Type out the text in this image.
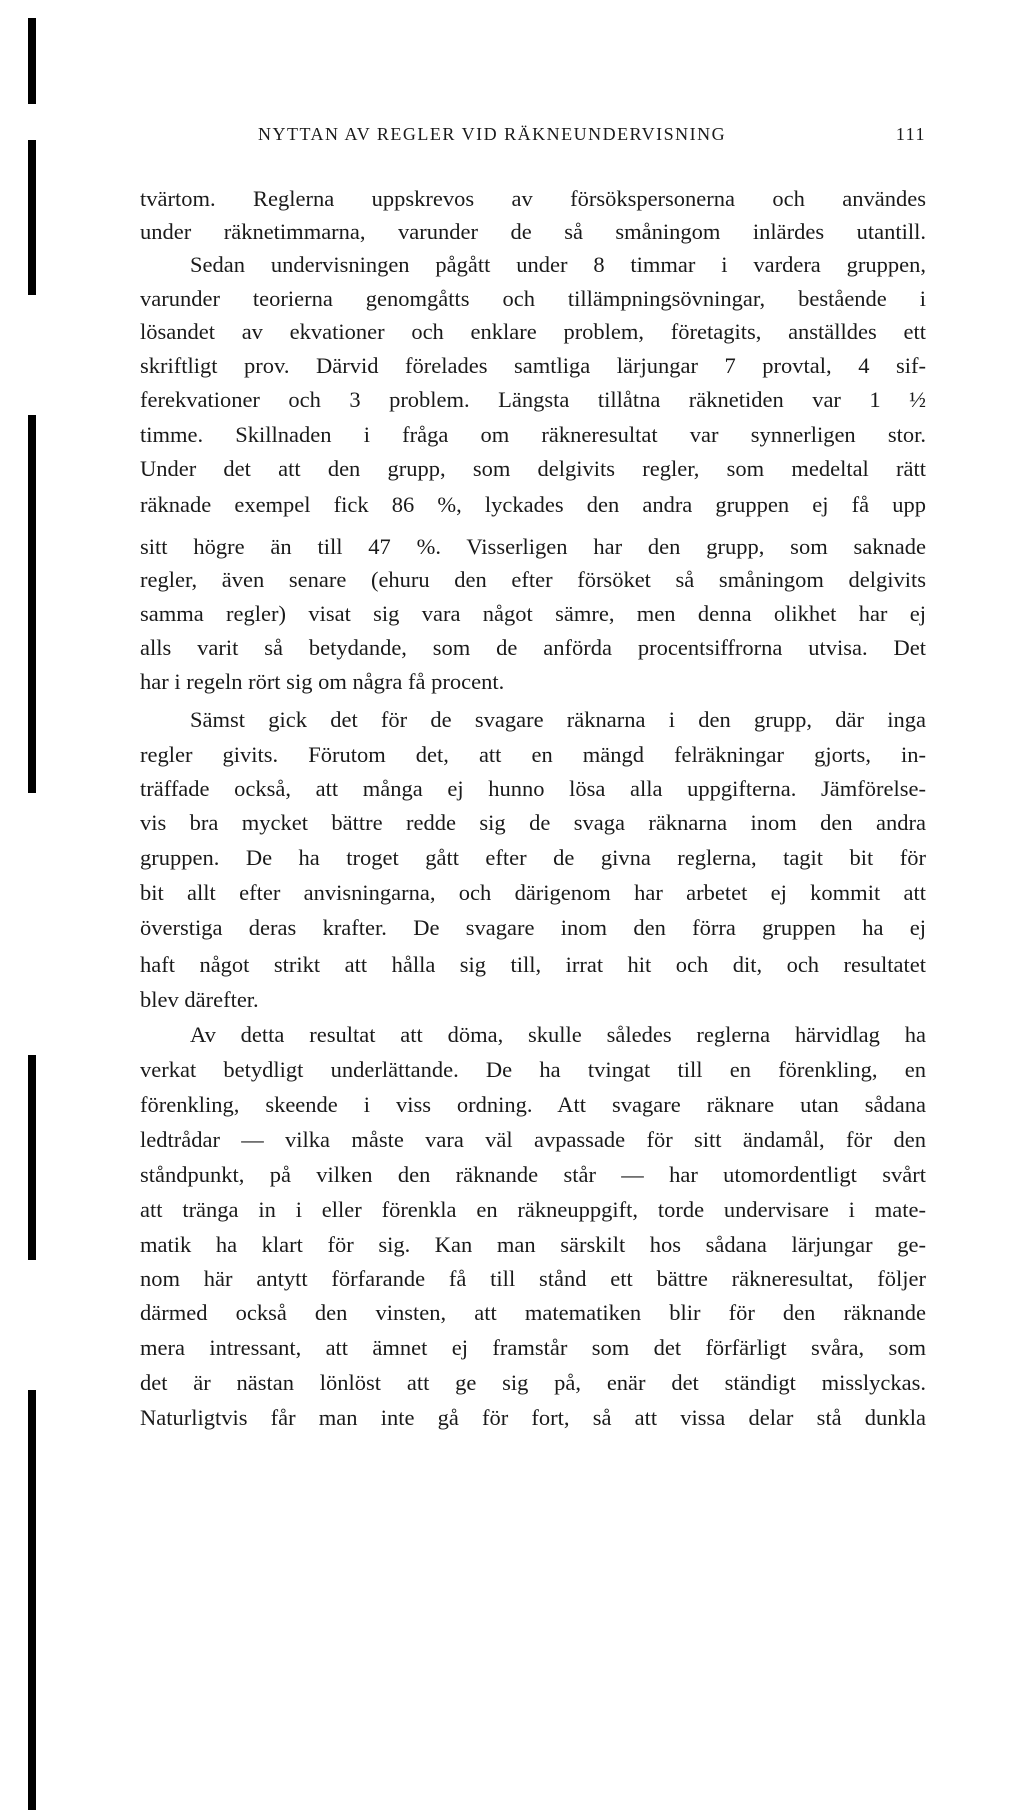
NYTTAN AV REGLER VID RÄKNEUNDERVISNING	111
tvärtom. Reglerna uppskrevos av försökspersonerna och användes
under räknetimmarna, varunder de så småningom inlärdes utantill.
Sedan undervisningen pågått under 8 timmar i vardera gruppen,
varunder teorierna genomgåtts och tillämpningsövningar, bestående i
lösandet av ekvationer och enklare problem, företagits, anställdes ett
skriftligt prov. Därvid förelades samtliga lärjungar 7 provtal, 4 sif-
ferekvationer och 3 problem. Längsta tillåtna räknetiden var 1 ½
timme. Skillnaden i fråga om räkneresultat var synnerligen stor.
Under det att den grupp, som delgivits regler, som medeltal rätt
räknade exempel fick 86 %, lyckades den andra gruppen ej få upp
sitt högre än till 47 %. Visserligen har den grupp, som saknade
regler, även senare (ehuru den efter försöket så småningom delgivits
samma regler) visat sig vara något sämre, men denna olikhet har ej
alls varit så betydande, som de anförda procentsiffrorna utvisa. Det
har i regeln rört sig om några få procent.
Sämst gick det för de svagare räknarna i den grupp, där inga
regler givits. Förutom det, att en mängd felräkningar gjorts, in-
träffade också, att många ej hunno lösa alla uppgifterna. Jämförelse-
vis bra mycket bättre redde sig de svaga räknarna inom den andra
gruppen. De ha troget gått efter de givna reglerna, tagit bit för
bit allt efter anvisningarna, och därigenom har arbetet ej kommit att
överstiga deras krafter. De svagare inom den förra gruppen ha ej
haft något strikt att hålla sig till, irrat hit och dit, och resultatet
blev därefter.
Av detta resultat att döma, skulle således reglerna härvidlag ha
verkat betydligt underlättande. De ha tvingat till en förenkling, en
förenkling, skeende i viss ordning. Att svagare räknare utan sådana
ledtrådar — vilka måste vara väl avpassade för sitt ändamål, för den
ståndpunkt, på vilken den räknande står — har utomordentligt svårt
att tränga in i eller förenkla en räkneuppgift, torde undervisare i mate-
matik ha klart för sig. Kan man särskilt hos sådana lärjungar ge-
nom här antytt förfarande få till stånd ett bättre räkneresultat, följer
därmed också den vinsten, att matematiken blir för den räknande
mera intressant, att ämnet ej framstår som det förfärligt svåra, som
det är nästan lönlöst att ge sig på, enär det ständigt misslyckas.
Naturligtvis får man inte gå för fort, så att vissa delar stå dunkla
